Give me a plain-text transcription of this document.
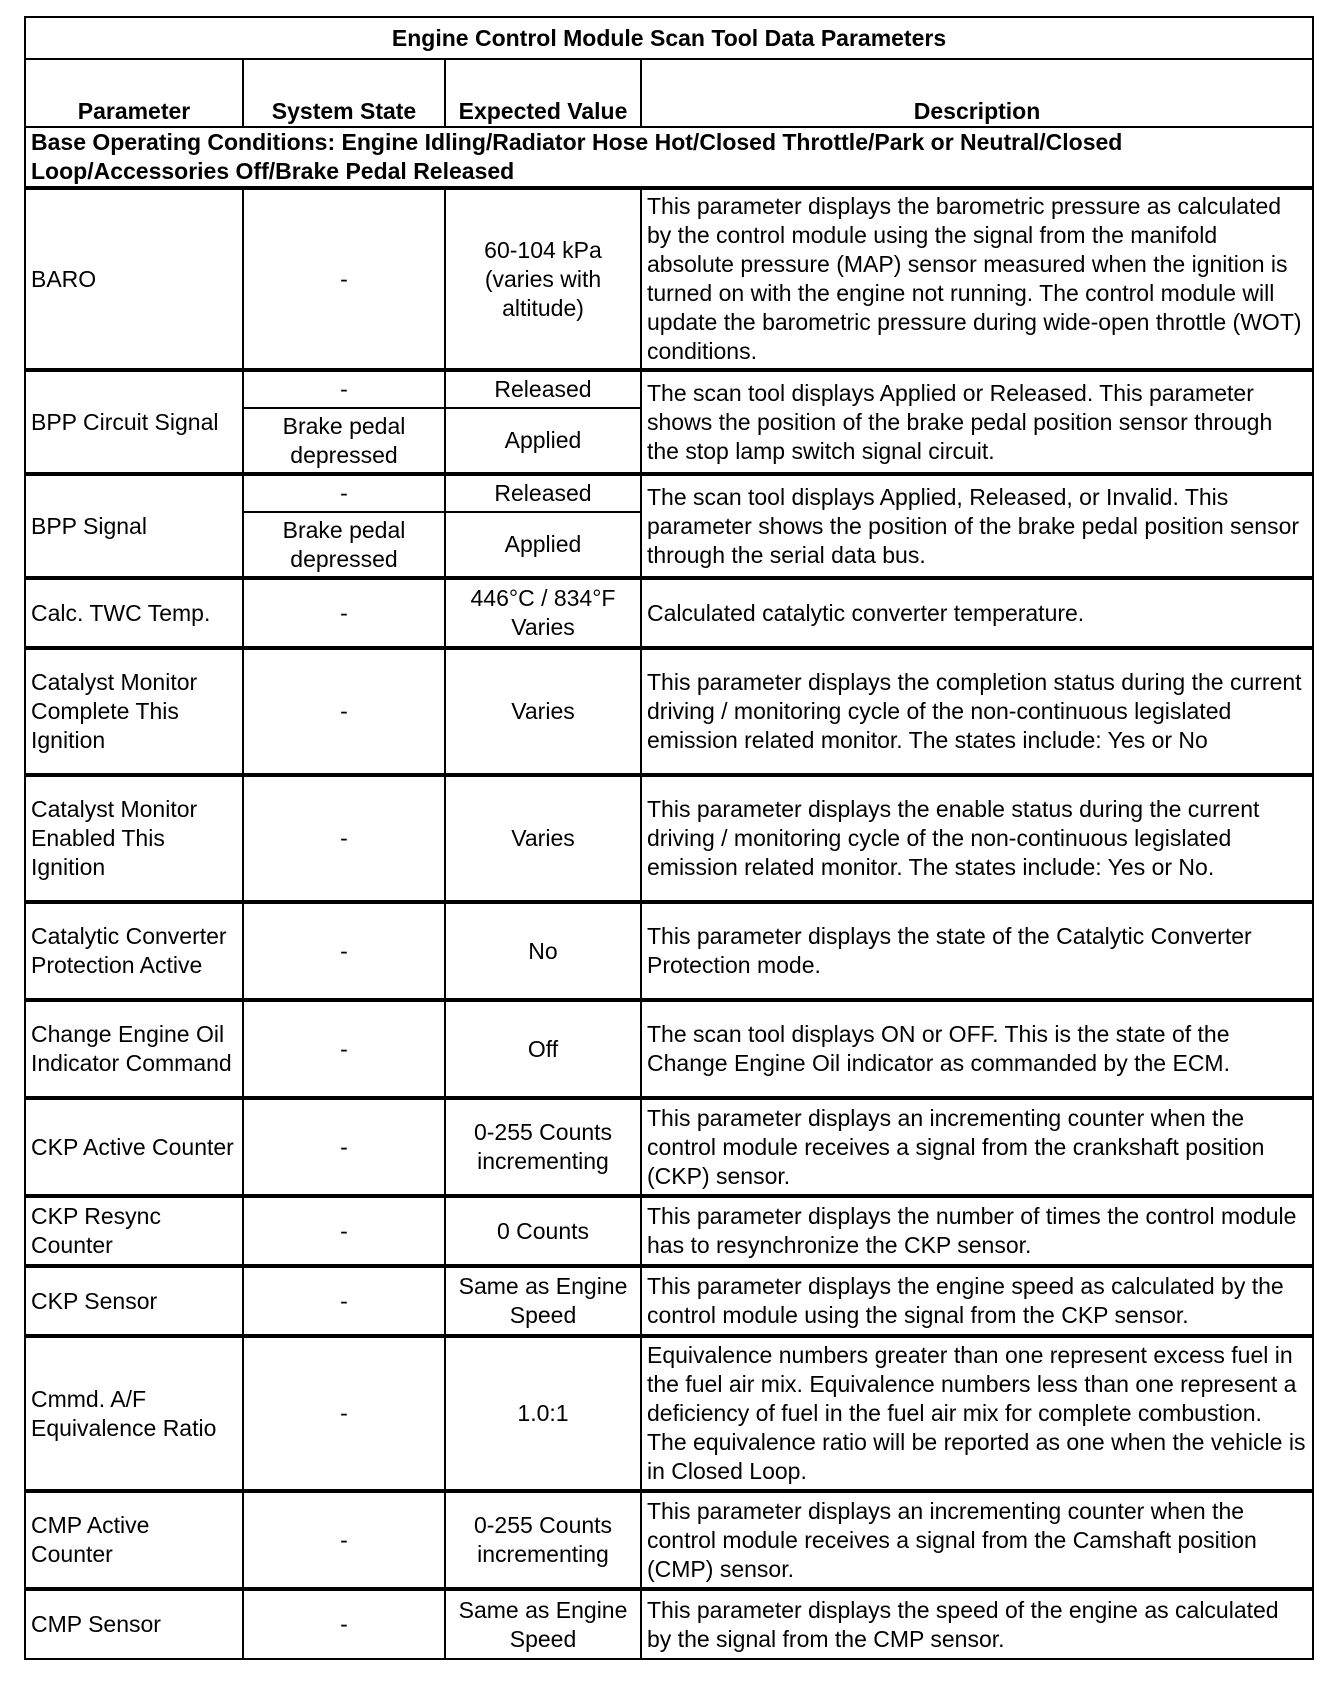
Engine Control Module Scan Tool Data Parameters			
Parameter	System State	Expected Value	Description
Base Operating Conditions: Engine Idling/Radiator Hose Hot/Closed Throttle/Park or Neutral/Closed Loop/Accessories Off/Brake Pedal Released			
BARO	-	60-104 kPa (varies with altitude)	This parameter displays the barometric pressure as calculated by the control module using the signal from the manifold absolute pressure (MAP) sensor measured when the ignition is turned on with the engine not running. The control module will update the barometric pressure during wide-open throttle (WOT) conditions.
BPP Circuit Signal	-	Released	The scan tool displays Applied or Released. This parameter shows the position of the brake pedal position sensor through the stop lamp switch signal circuit.
	Brake pedal depressed	Applied	
BPP Signal	-	Released	The scan tool displays Applied, Released, or Invalid. This parameter shows the position of the brake pedal position sensor through the serial data bus.
	Brake pedal depressed	Applied	
Calc. TWC Temp.	-	446°C / 834°F Varies	Calculated catalytic converter temperature.
Catalyst Monitor Complete This Ignition	-	Varies	This parameter displays the completion status during the current driving / monitoring cycle of the non-continuous legislated emission related monitor. The states include: Yes or No
Catalyst Monitor Enabled This Ignition	-	Varies	This parameter displays the enable status during the current driving / monitoring cycle of the non-continuous legislated emission related monitor. The states include: Yes or No.
Catalytic Converter Protection Active	-	No	This parameter displays the state of the Catalytic Converter Protection mode.
Change Engine Oil Indicator Command	-	Off	The scan tool displays ON or OFF. This is the state of the Change Engine Oil indicator as commanded by the ECM.
CKP Active Counter	-	0-255 Counts incrementing	This parameter displays an incrementing counter when the control module receives a signal from the crankshaft position (CKP) sensor.
CKP Resync Counter	-	0 Counts	This parameter displays the number of times the control module has to resynchronize the CKP sensor.
CKP Sensor	-	Same as Engine Speed	This parameter displays the engine speed as calculated by the control module using the signal from the CKP sensor.
Cmmd. A/F Equivalence Ratio	-	1.0:1	Equivalence numbers greater than one represent excess fuel in the fuel air mix. Equivalence numbers less than one represent a deficiency of fuel in the fuel air mix for complete combustion. The equivalence ratio will be reported as one when the vehicle is in Closed Loop.
CMP Active Counter	-	0-255 Counts incrementing	This parameter displays an incrementing counter when the control module receives a signal from the Camshaft position (CMP) sensor.
CMP Sensor	-	Same as Engine Speed	This parameter displays the speed of the engine as calculated by the signal from the CMP sensor.
